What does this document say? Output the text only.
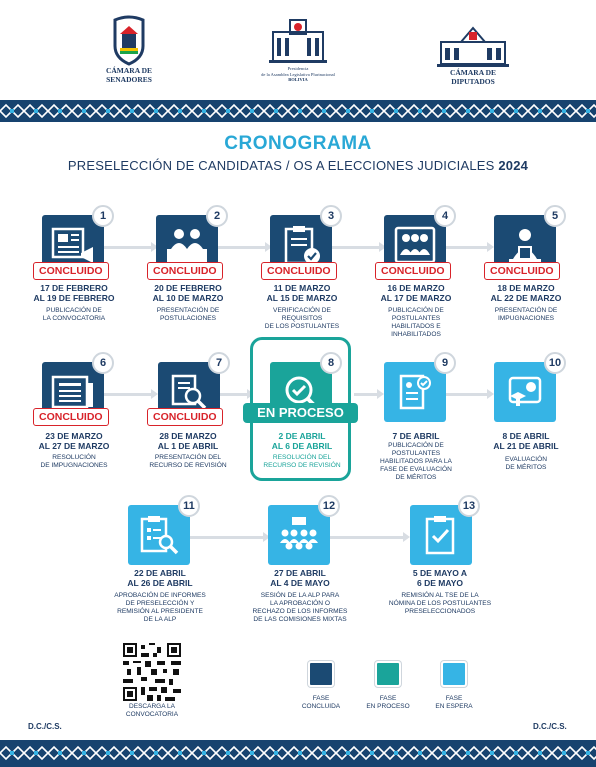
CÁMARA DE SENADORES
Presidencia
de la Asamblea Legislativa Plurinacional
BOLIVIA
CÁMARA DE DIPUTADOS
CRONOGRAMA
PRESELECCIÓN DE CANDIDATAS / OS A ELECCIONES JUDICIALES 2024
1
CONCLUIDO
17 DE FEBRERO
AL 19 DE FEBRERO
PUBLICACIÓN DE
LA CONVOCATORIA
2
CONCLUIDO
20 DE FEBRERO
AL 10 DE MARZO
PRESENTACIÓN DE
POSTULACIONES
3
CONCLUIDO
11 DE MARZO
AL 15 DE MARZO
VERIFICACIÓN DE
REQUISITOS
DE LOS POSTULANTES
4
CONCLUIDO
16 DE MARZO
AL 17 DE MARZO
PUBLICACIÓN DE
POSTULANTES
HABILITADOS E
INHABILITADOS
5
CONCLUIDO
18 DE MARZO
AL 22 DE MARZO
PRESENTACIÓN DE
IMPUGNACIONES
6
CONCLUIDO
23 DE MARZO
AL 27 DE MARZO
RESOLUCIÓN
DE IMPUGNACIONES
7
CONCLUIDO
28 DE MARZO
AL 1 DE ABRIL
PRESENTACIÓN DEL
RECURSO DE REVISIÓN
8
2 DE ABRIL
AL 6 DE ABRIL
RESOLUCIÓN DEL
RECURSO DE REVISIÓN
EN PROCESO
9
7 DE ABRIL
PUBLICACIÓN DE
POSTULANTES
HABILITADOS PARA LA
FASE DE EVALUACIÓN
DE MÉRITOS
10
8 DE ABRIL
AL 21 DE ABRIL
EVALUACIÓN
DE MÉRITOS
11
22 DE ABRIL
AL 26 DE ABRIL
APROBACIÓN DE INFORMES
DE PRESELECCIÓN Y
REMISIÓN AL PRESIDENTE
DE LA ALP
12
27 DE ABRIL
AL 4 DE MAYO
SESIÓN DE LA ALP PARA
LA APROBACIÓN O
RECHAZO DE LOS INFORMES
DE LAS COMISIONES MIXTAS
13
5 DE MAYO A
6 DE MAYO
REMISIÓN AL TSE DE LA
NÓMINA DE LOS POSTULANTES
PRESELECCIONADOS
DESCARGA LA
CONVOCATORIA
FASE
CONCLUIDA
FASE
EN PROCESO
FASE
EN ESPERA
D.C./C.S.	D.C./C.S.
